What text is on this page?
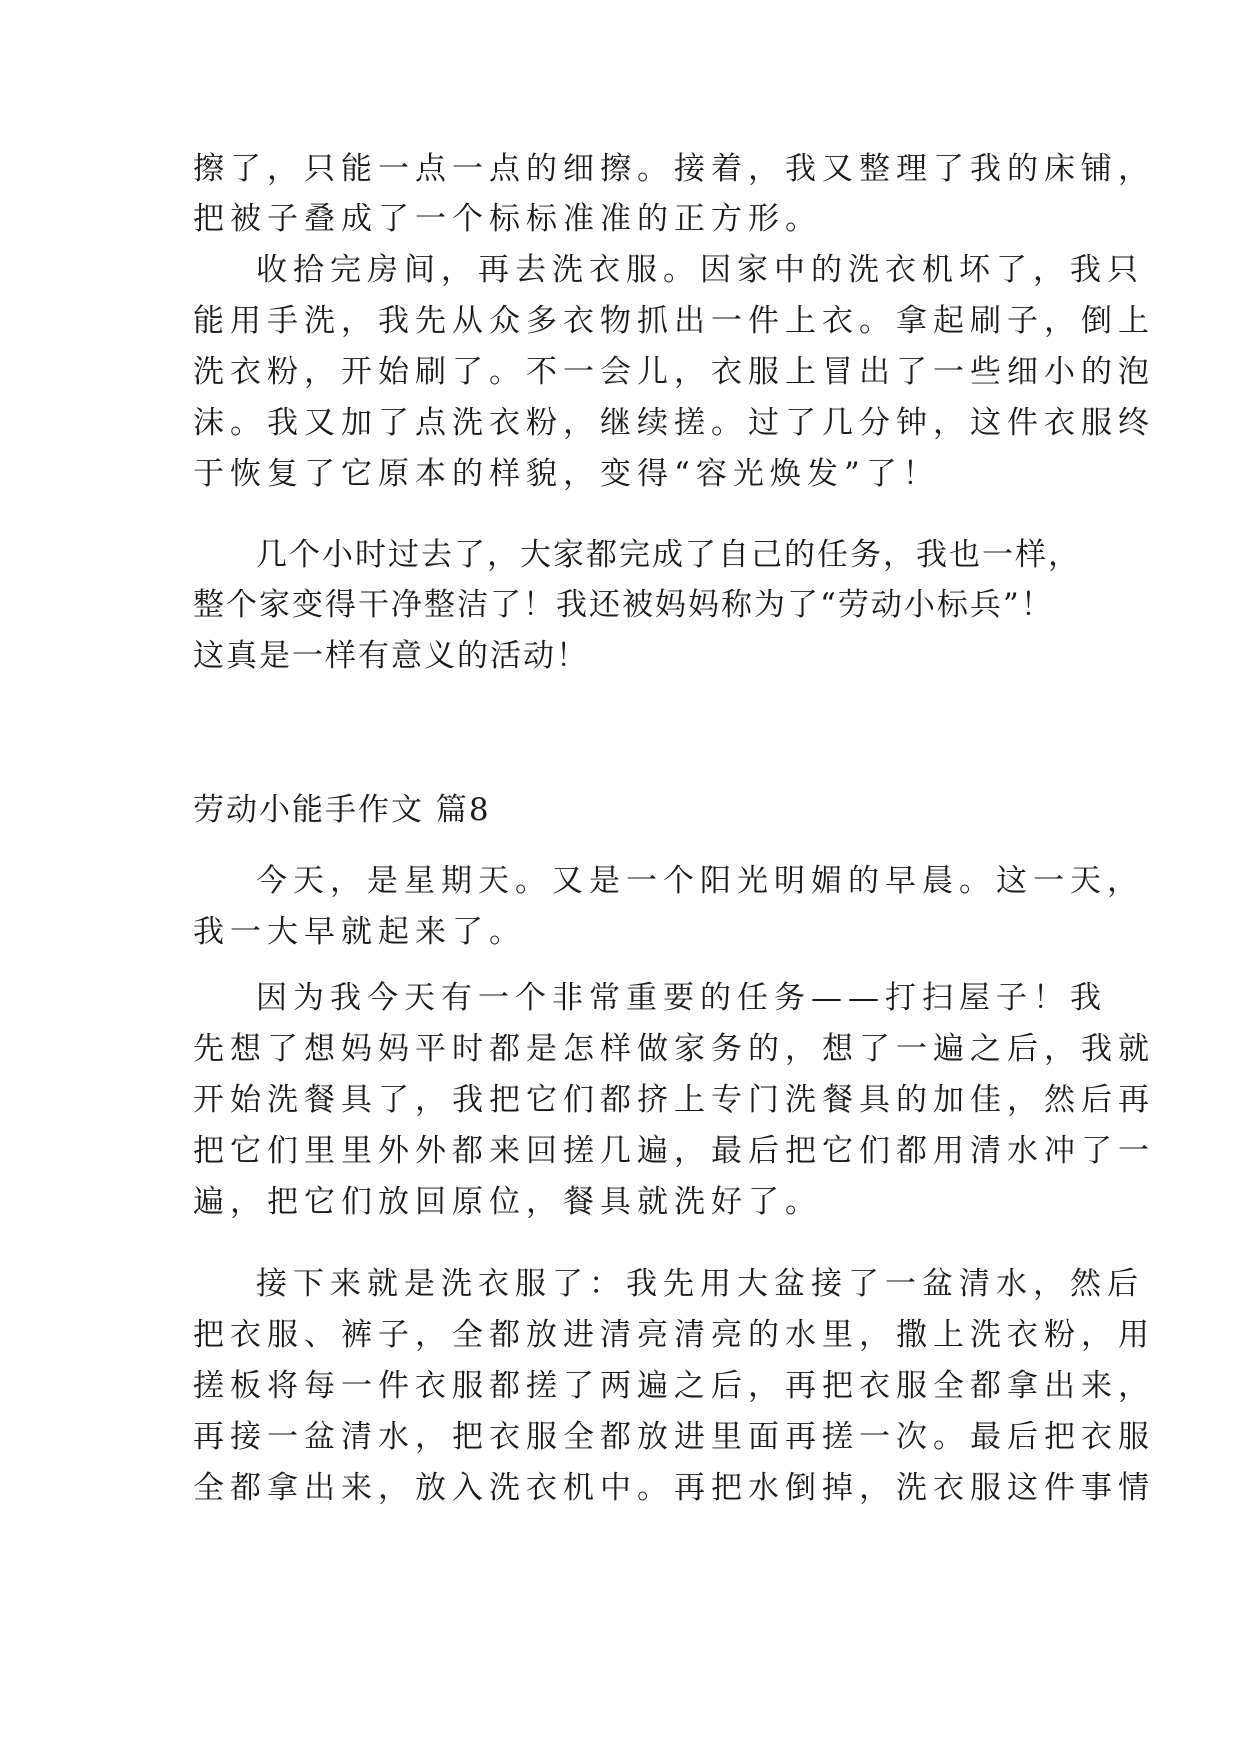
擦了，只能一点一点的细擦。接着，我又整理了我的床铺，
把被子叠成了一个标标准准的正方形。
收拾完房间，再去洗衣服。因家中的洗衣机坏了，我只
能用手洗，我先从众多衣物抓出一件上衣。拿起刷子，倒上
洗衣粉，开始刷了。不一会儿，衣服上冒出了一些细小的泡
沫。我又加了点洗衣粉，继续搓。过了几分钟，这件衣服终
于恢复了它原本的样貌，变得“容光焕发”了！
几个小时过去了，大家都完成了自己的任务，我也一样，
整个家变得干净整洁了！我还被妈妈称为了“劳动小标兵”！
这真是一样有意义的活动！
劳动小能手作文 篇8
今天，是星期天。又是一个阳光明媚的早晨。这一天，
我一大早就起来了。
因为我今天有一个非常重要的任务——打扫屋子！我
先想了想妈妈平时都是怎样做家务的，想了一遍之后，我就
开始洗餐具了，我把它们都挤上专门洗餐具的加佳，然后再
把它们里里外外都来回搓几遍，最后把它们都用清水冲了一
遍，把它们放回原位，餐具就洗好了。
接下来就是洗衣服了：我先用大盆接了一盆清水，然后
把衣服、裤子，全都放进清亮清亮的水里，撒上洗衣粉，用
搓板将每一件衣服都搓了两遍之后，再把衣服全都拿出来，
再接一盆清水，把衣服全都放进里面再搓一次。最后把衣服
全都拿出来，放入洗衣机中。再把水倒掉，洗衣服这件事情
